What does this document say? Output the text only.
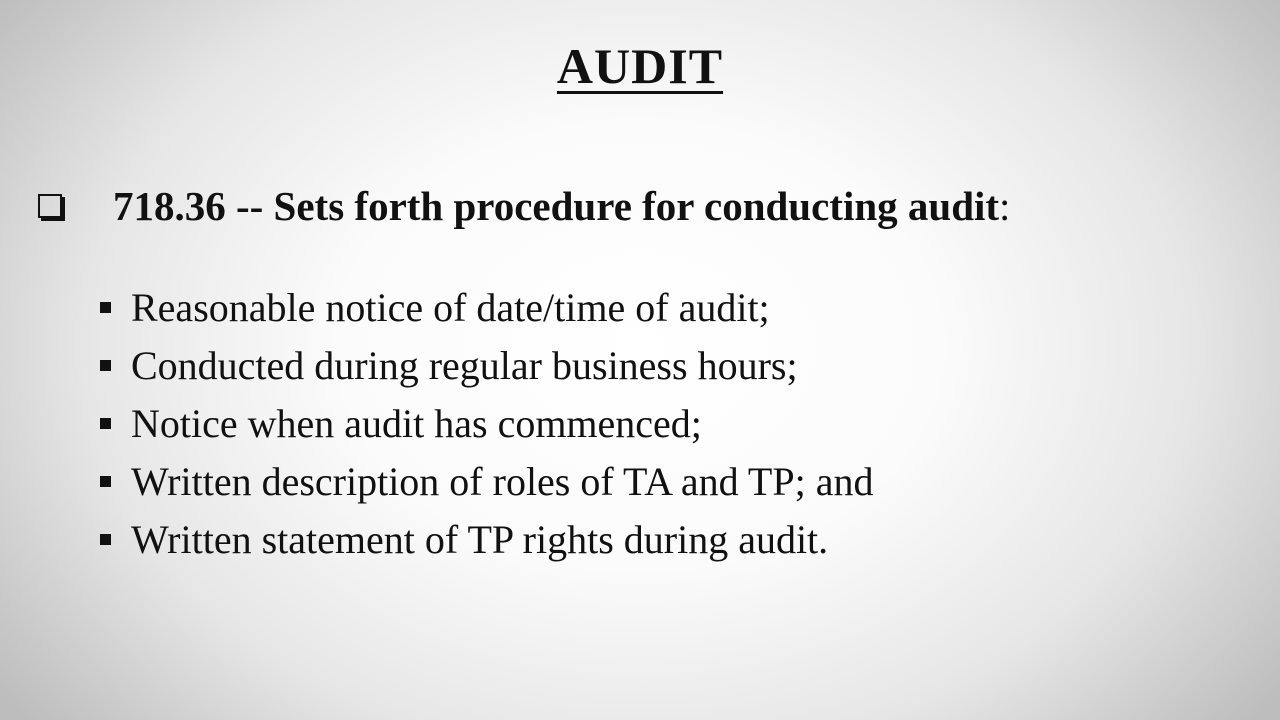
AUDIT
718.36 -- Sets forth procedure for conducting audit:
Reasonable notice of date/time of audit;
Conducted during regular business hours;
Notice when audit has commenced;
Written description of roles of TA and TP; and
Written statement of TP rights during audit.
